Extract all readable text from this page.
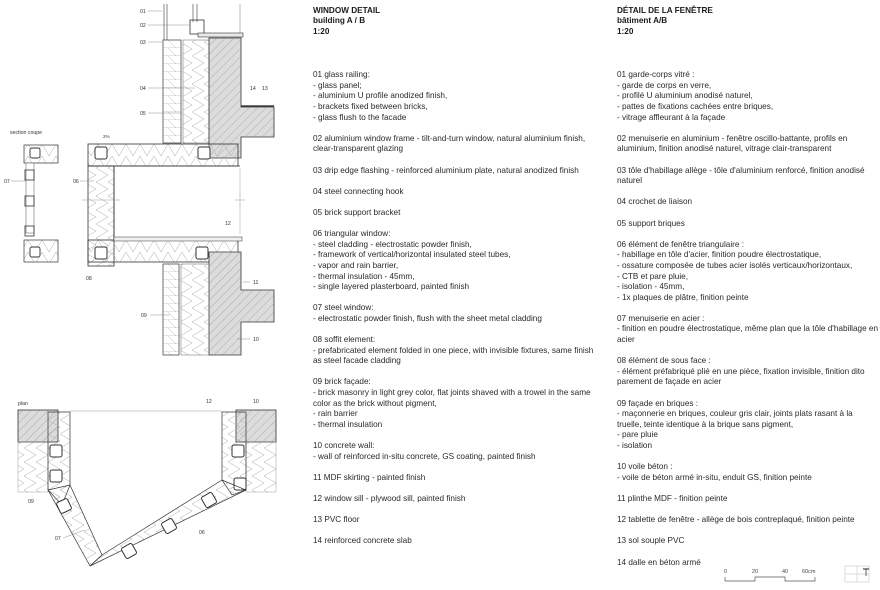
01
02
03
04
05
14 13
06
07
08
09
10
11
12
2%
section coupe
plan	12	10
09
07
06
WINDOW DETAIL
building A / B
1:20
01 glass railing:
- glass panel;
- aluminium U profile anodized finish,
- brackets fixed between bricks,
- glass flush to the facade
02 aluminium window frame - tilt-and-turn window, natural aluminium finish, clear-transparent glazing
03 drip edge flashing - reinforced aluminium plate, natural anodized finish
04 steel connecting hook
05 brick support bracket
06 triangular window:
- steel cladding - electrostatic powder finish,
- framework of vertical/horizontal insulated steel tubes,
- vapor and rain barrier,
- thermal insulation - 45mm,
- single layered plasterboard, painted finish
07 steel window:
- electrostatic powder finish, flush with the sheet metal cladding
08 soffit element:
- prefabricated element folded in one piece, with invisible fixtures, same finish as steel facade cladding
09 brick façade:
- brick masonry in light grey color, flat joints shaved with a trowel in the same color as the brick without pigment,
- rain barrier
- thermal insulation
10 concrete wall:
- wall of reinforced in-situ concrete, GS coating, painted finish
11 MDF skirting - painted finish
12 window sill - plywood sill, painted finish
13 PVC floor
14 reinforced concrete slab
DÉTAIL DE LA FENÊTRE
bâtiment A/B
1:20
01 garde-corps vitré :
- garde de corps en verre,
- profilé U aluminium anodisé naturel,
- pattes de fixations cachées entre briques,
- vitrage affleurant à la façade
02 menuiserie en aluminium - fenêtre oscillo-battante, profils en aluminium, finition anodisé naturel, vitrage clair-transparent
03 tôle d'habillage allège - tôle d'aluminium renforcé, finition anodisé naturel
04 crochet de liaison
05 support briques
06 élément de fenêtre triangulaire :
- habillage en tôle d'acier, finition poudre électrostatique,
- ossature composée de tubes acier isolés verticaux/horizontaux,
- CTB et pare pluie,
- isolation - 45mm,
- 1x plaques de plâtre, finition peinte
07 menuiserie en acier :
- finition en poudre électrostatique, même plan que la tôle d'habillage en acier
08 élément de sous face :
- élément préfabriqué plié en une pièce, fixation invisible, finition dito parement de façade en acier
09 façade en briques :
- maçonnerie en briques, couleur gris clair, joints plats rasant à la truelle, teinte identique à la brique sans pigment,
- pare pluie
- isolation
10 voile béton :
- voile de béton armé in-situ, enduit GS, finition peinte
11 plinthe MDF - finition peinte
12 tablette de fenêtre - allège de bois contreplaqué, finition peinte
13 sol souple PVC
14 dalle en béton armé
0	20	40	60cm
